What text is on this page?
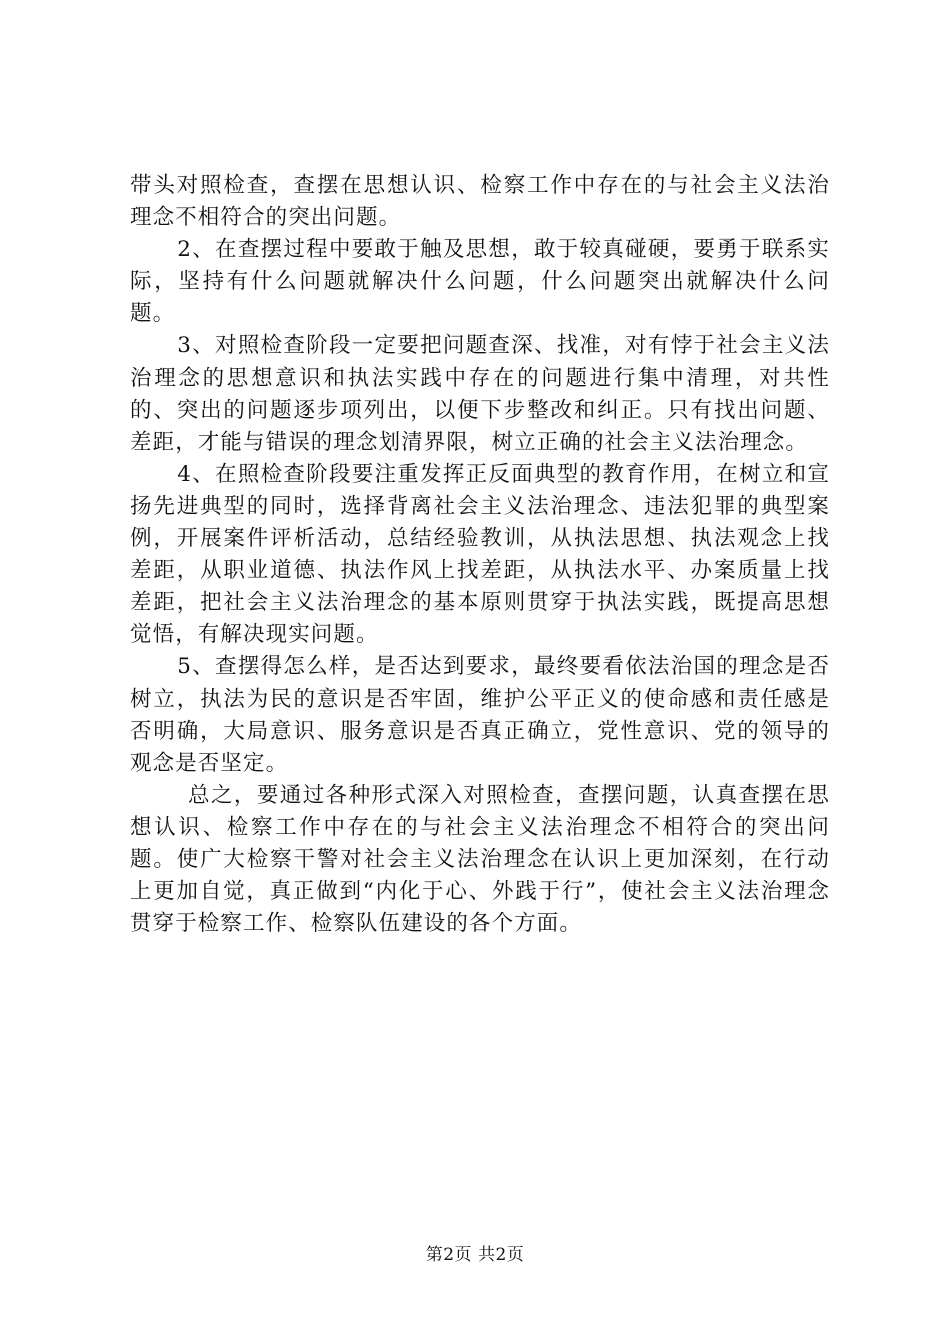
带头对照检查，查摆在思想认识、检察工作中存在的与社会主义法治理念不相符合的突出问题。

2、在查摆过程中要敢于触及思想，敢于较真碰硬，要勇于联系实际，坚持有什么问题就解决什么问题，什么问题突出就解决什么问题。

3、对照检查阶段一定要把问题查深、找准，对有悖于社会主义法治理念的思想意识和执法实践中存在的问题进行集中清理，对共性的、突出的问题逐步项列出，以便下步整改和纠正。只有找出问题、差距，才能与错误的理念划清界限，树立正确的社会主义法治理念。

4、在照检查阶段要注重发挥正反面典型的教育作用，在树立和宣扬先进典型的同时，选择背离社会主义法治理念、违法犯罪的典型案例，开展案件评析活动，总结经验教训，从执法思想、执法观念上找差距，从职业道德、执法作风上找差距，从执法水平、办案质量上找差距，把社会主义法治理念的基本原则贯穿于执法实践，既提高思想觉悟，有解决现实问题。

5、查摆得怎么样，是否达到要求，最终要看依法治国的理念是否树立，执法为民的意识是否牢固，维护公平正义的使命感和责任感是否明确，大局意识、服务意识是否真正确立，党性意识、党的领导的观念是否坚定。

总之，要通过各种形式深入对照检查，查摆问题，认真查摆在思想认识、检察工作中存在的与社会主义法治理念不相符合的突出问题。使广大检察干警对社会主义法治理念在认识上更加深刻，在行动上更加自觉，真正做到“内化于心、外践于行”，使社会主义法治理念贯穿于检察工作、检察队伍建设的各个方面。

第2页 共2页
